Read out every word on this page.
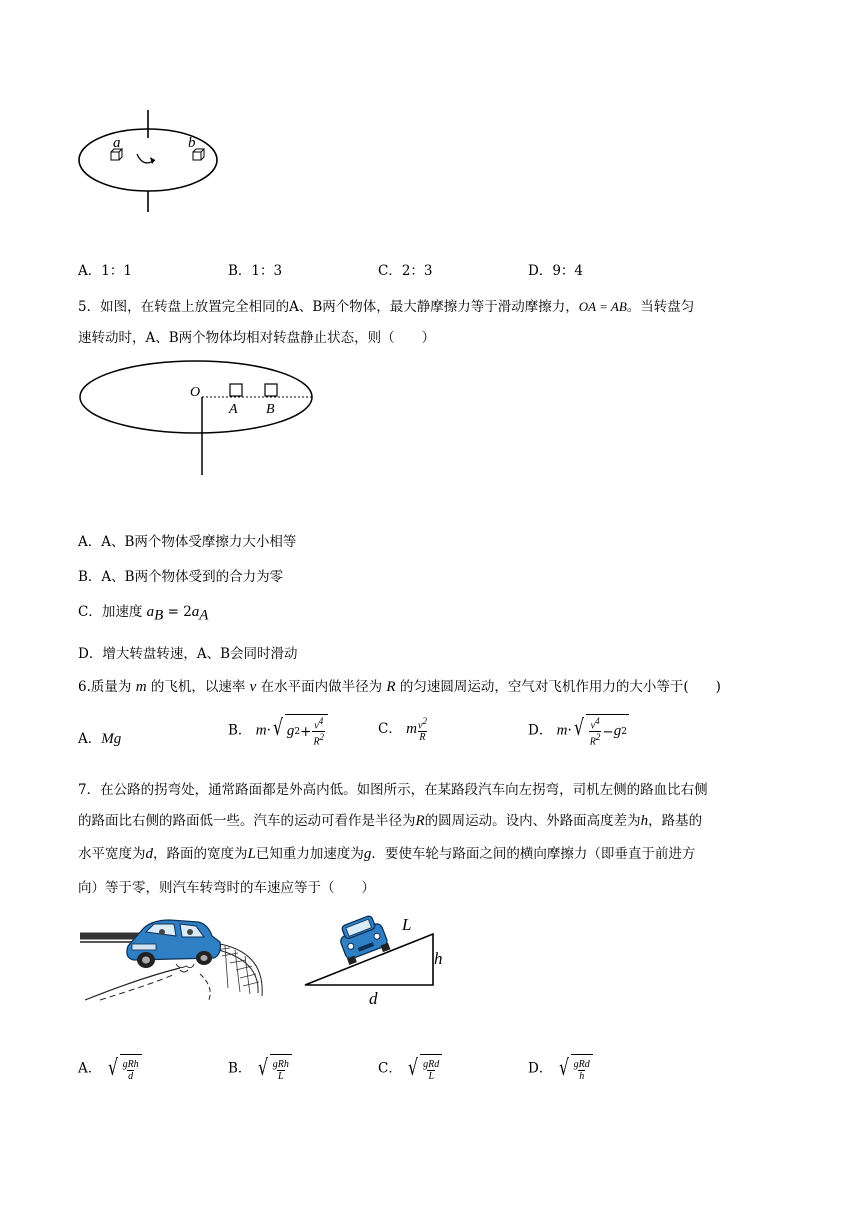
a	b
A．1：1	B．1：3	C．2：3	D．9：4
5．如图，在转盘上放置完全相同的A、B两个物体，最大静摩擦力等于滑动摩擦力，OA = AB。当转盘匀
速转动时，A、B两个物体均相对转盘静止状态，则（　　）
O
A B
A．A、B两个物体受摩擦力大小相等
B．A、B两个物体受到的合力为零
C．加速度 $a_B = 2a_A$
D．增大转盘转速，A、B会同时滑动
6.质量为 m 的飞机，以速率 v 在水平面内做半径为 R 的匀速圆周运动，空气对飞机作用力的大小等于(　　)
A．Mg
B． m· √ g $2 + \frac{v^4}{R^2}$	C． m $\frac{v^2}{R}$	D． m· √ $\frac{v^4}{R^2} - g$ 2
7．在公路的拐弯处，通常路面都是外高内低。如图所示，在某路段汽车向左拐弯，司机左侧的路血比右侧
的路面比右侧的路面低一些。汽车的运动可看作是半径为R的圆周运动。设内、外路面高度差为h，路基的
水平宽度为d，路面的宽度为L已知重力加速度为g．要使车轮与路面之间的横向摩擦力（即垂直于前进方
向）等于零，则汽车转弯时的车速应等于（　　）
L
h
d
A． √ $\frac{\text{gRh}}{d}$	B． √ $\frac{\text{gRh}}{L}$	C． √ $\frac{\text{gRd}}{L}$	D． √ $\frac{\text{gRd}}{h}$
